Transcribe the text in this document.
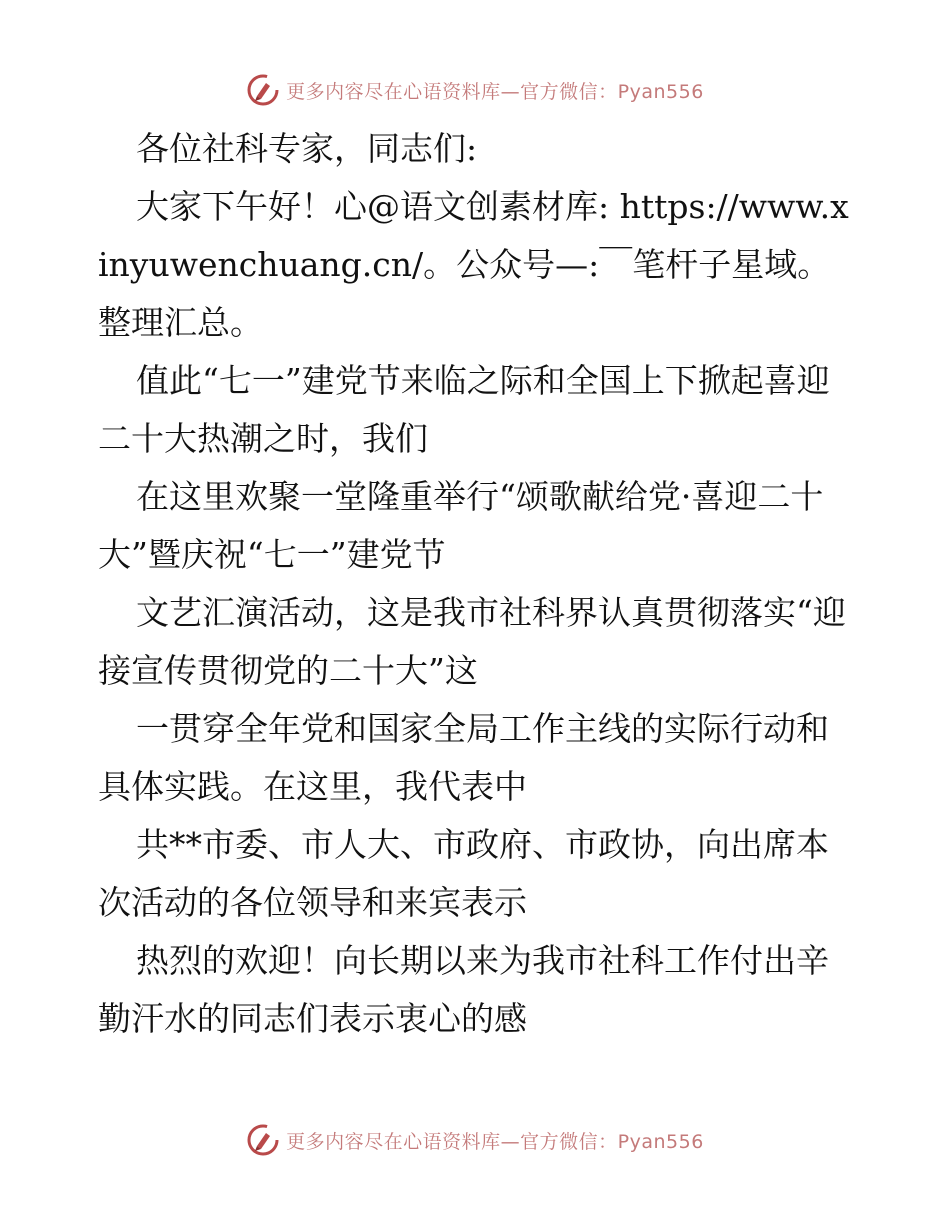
更多内容尽在心语资料库—官方微信：Pyan556

各位社科专家，同志们:

大家下午好！心@语文创素材库: https://www.xinyuwenchuang.cn/。公众号—:￣笔杆子星域。整理汇总。

值此“七一”建党节来临之际和全国上下掀起喜迎二十大热潮之时，我们

在这里欢聚一堂隆重举行“颂歌献给党·喜迎二十大”暨庆祝“七一”建党节

文艺汇演活动，这是我市社科界认真贯彻落实“迎接宣传贯彻党的二十大”这

一贯穿全年党和国家全局工作主线的实际行动和具体实践。在这里，我代表中

共**市委、市人大、市政府、市政协，向出席本次活动的各位领导和来宾表示

热烈的欢迎！向长期以来为我市社科工作付出辛勤汗水的同志们表示衷心的感

更多内容尽在心语资料库—官方微信：Pyan556
